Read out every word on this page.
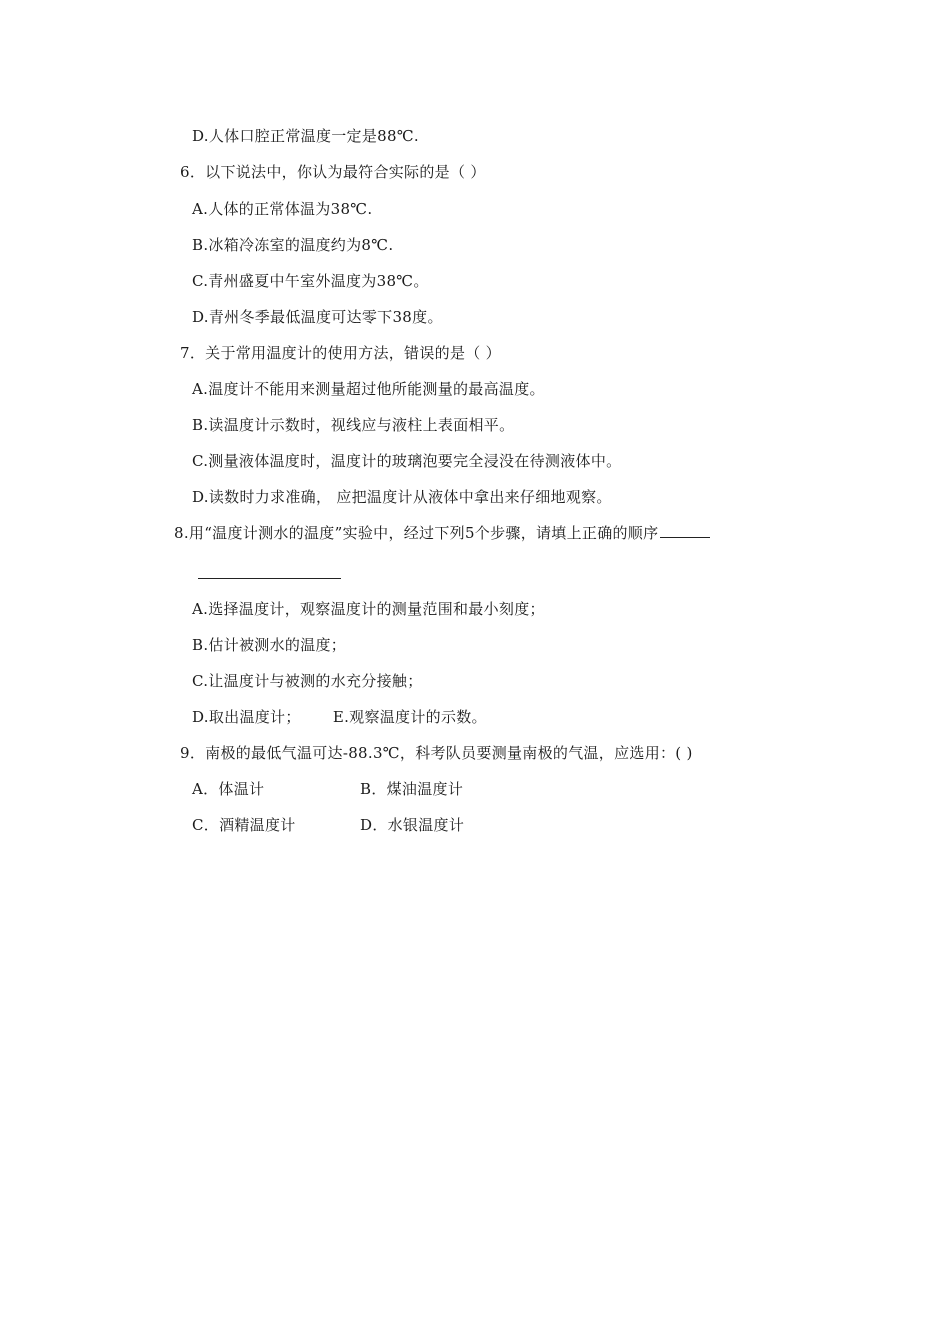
D.人体口腔正常温度一定是88℃.
6．以下说法中，你认为最符合实际的是（ ）
A.人体的正常体温为38℃.
B.冰箱冷冻室的温度约为8℃.
C.青州盛夏中午室外温度为38℃。
D.青州冬季最低温度可达零下38度。
7．关于常用温度计的使用方法，错误的是（ ）
A.温度计不能用来测量超过他所能测量的最高温度。
B.读温度计示数时，视线应与液柱上表面相平。
C.测量液体温度时，温度计的玻璃泡要完全浸没在待测液体中。
D.读数时力求准确， 应把温度计从液体中拿出来仔细地观察。
8.用“温度计测水的温度”实验中，经过下列5个步骤，请填上正确的顺序
A.选择温度计，观察温度计的测量范围和最小刻度；
B.估计被测水的温度；
C.让温度计与被测的水充分接触；
D.取出温度计； E.观察温度计的示数。
9．南极的最低气温可达-88.3℃，科考队员要测量南极的气温，应选用：( )
A．体温计	B．煤油温度计
C．酒精温度计	D．水银温度计
